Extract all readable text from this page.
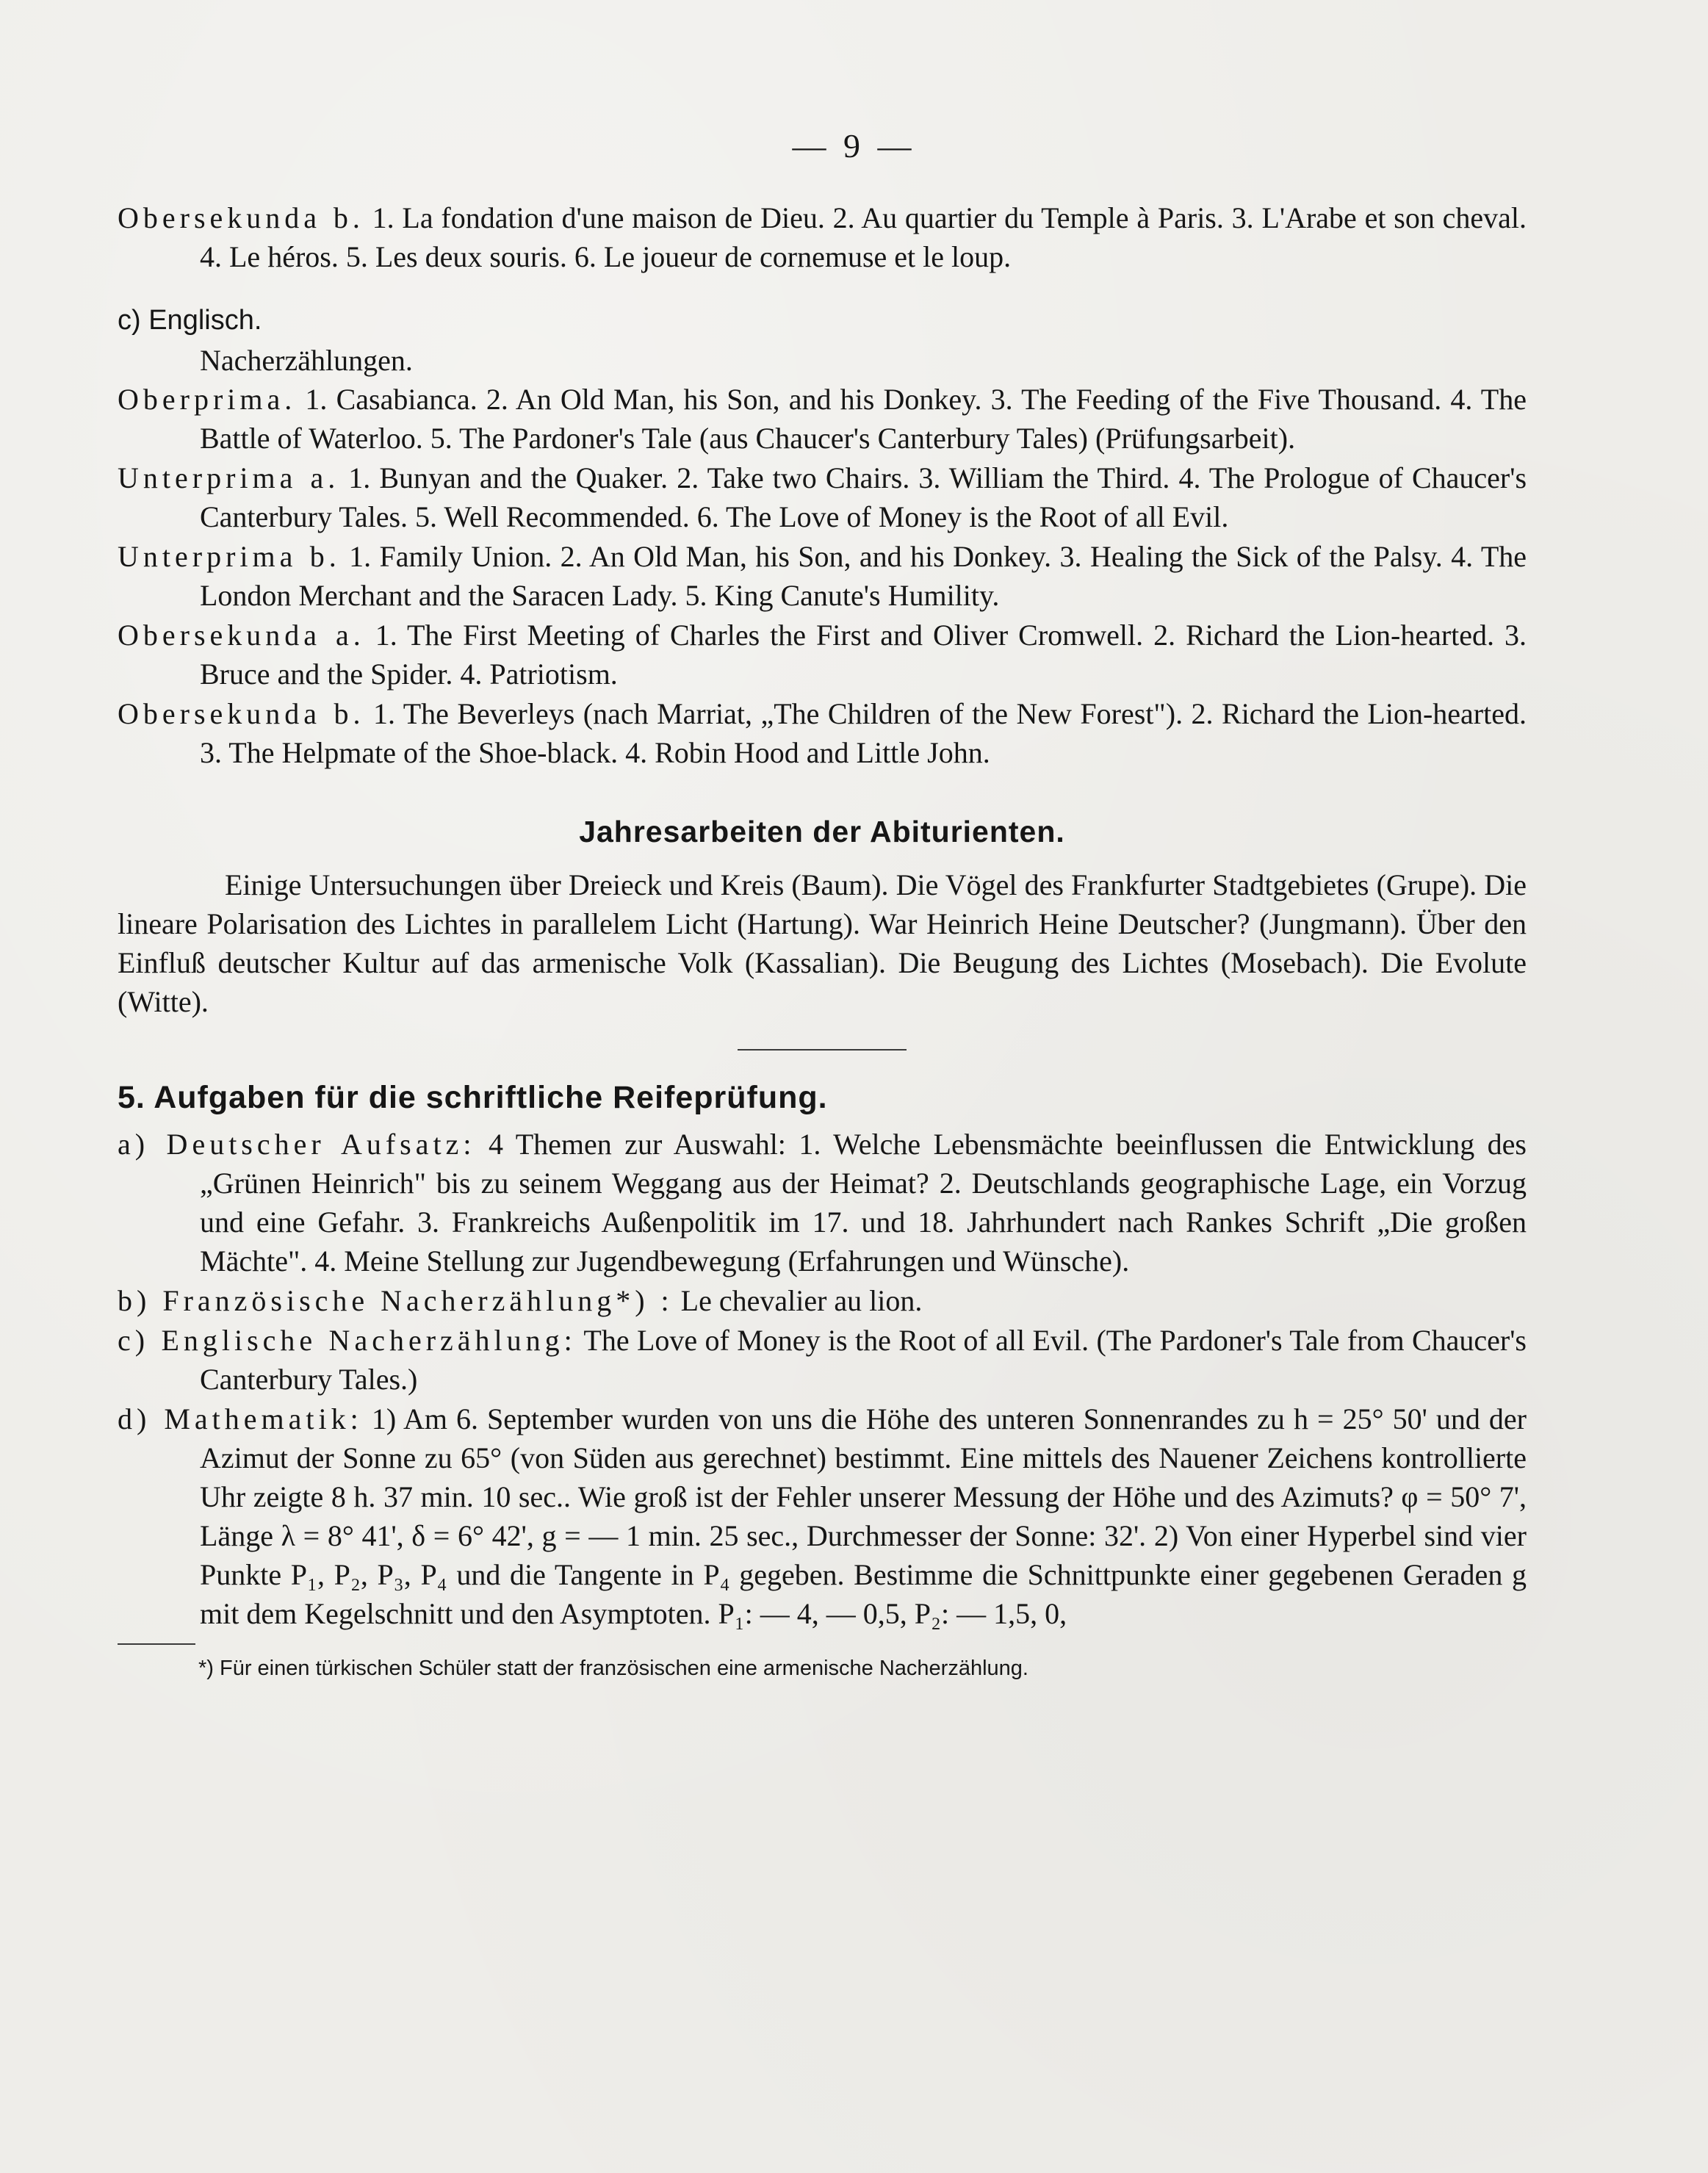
— 9 —
Obersekunda b. 1. La fondation d'une maison de Dieu. 2. Au quartier du Temple à Paris. 3. L'Arabe et son cheval. 4. Le héros. 5. Les deux souris. 6. Le joueur de cornemuse et le loup.
c) Englisch.
Nacherzählungen.
Oberprima. 1. Casabianca. 2. An Old Man, his Son, and his Donkey. 3. The Feeding of the Five Thousand. 4. The Battle of Waterloo. 5. The Pardoner's Tale (aus Chaucer's Canterbury Tales) (Prüfungsarbeit).
Unterprima a. 1. Bunyan and the Quaker. 2. Take two Chairs. 3. William the Third. 4. The Prologue of Chaucer's Canterbury Tales. 5. Well Recommended. 6. The Love of Money is the Root of all Evil.
Unterprima b. 1. Family Union. 2. An Old Man, his Son, and his Donkey. 3. Healing the Sick of the Palsy. 4. The London Merchant and the Saracen Lady. 5. King Canute's Humility.
Obersekunda a. 1. The First Meeting of Charles the First and Oliver Cromwell. 2. Richard the Lion-hearted. 3. Bruce and the Spider. 4. Patriotism.
Obersekunda b. 1. The Beverleys (nach Marriat, „The Children of the New Forest"). 2. Richard the Lion-hearted. 3. The Helpmate of the Shoe-black. 4. Robin Hood and Little John.
Jahresarbeiten der Abiturienten.
Einige Untersuchungen über Dreieck und Kreis (Baum). Die Vögel des Frankfurter Stadtgebietes (Grupe). Die lineare Polarisation des Lichtes in parallelem Licht (Hartung). War Heinrich Heine Deutscher? (Jungmann). Über den Einfluß deutscher Kultur auf das armenische Volk (Kassalian). Die Beugung des Lichtes (Mosebach). Die Evolute (Witte).
5. Aufgaben für die schriftliche Reifeprüfung.
a) Deutscher Aufsatz: 4 Themen zur Auswahl: 1. Welche Lebensmächte beeinflussen die Entwicklung des „Grünen Heinrich" bis zu seinem Weggang aus der Heimat? 2. Deutschlands geographische Lage, ein Vorzug und eine Gefahr. 3. Frankreichs Außenpolitik im 17. und 18. Jahrhundert nach Rankes Schrift „Die großen Mächte". 4. Meine Stellung zur Jugendbewegung (Erfahrungen und Wünsche).
b) Französische Nacherzählung*) : Le chevalier au lion.
c) Englische Nacherzählung: The Love of Money is the Root of all Evil. (The Pardoner's Tale from Chaucer's Canterbury Tales.)
d) Mathematik: 1) Am 6. September wurden von uns die Höhe des unteren Sonnenrandes zu h = 25° 50' und der Azimut der Sonne zu 65° (von Süden aus gerechnet) bestimmt. Eine mittels des Nauener Zeichens kontrollierte Uhr zeigte 8 h. 37 min. 10 sec.. Wie groß ist der Fehler unserer Messung der Höhe und des Azimuts? φ = 50° 7', Länge λ = 8° 41', δ = 6° 42', g = — 1 min. 25 sec., Durchmesser der Sonne: 32'. 2) Von einer Hyperbel sind vier Punkte P₁, P₂, P₃, P₄ und die Tangente in P₄ gegeben. Bestimme die Schnittpunkte einer gegebenen Geraden g mit dem Kegelschnitt und den Asymptoten. P₁: — 4, — 0,5, P₂: — 1,5, 0,
*) Für einen türkischen Schüler statt der französischen eine armenische Nacherzählung.
